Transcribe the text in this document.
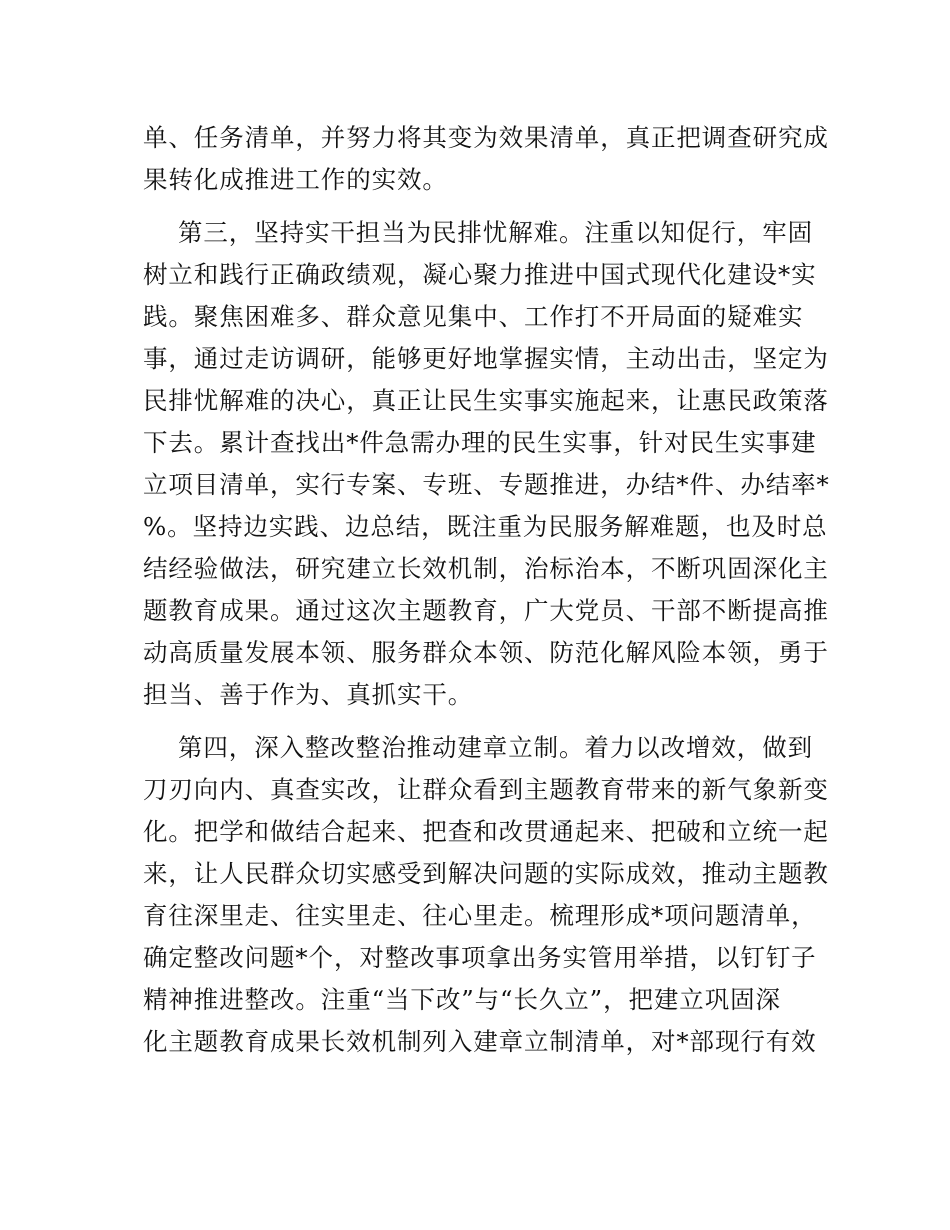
单、任务清单，并努力将其变为效果清单，真正把调查研究成
果转化成推进工作的实效。
第三，坚持实干担当为民排忧解难。注重以知促行，牢固
树立和践行正确政绩观，凝心聚力推进中国式现代化建设*实
践。聚焦困难多、群众意见集中、工作打不开局面的疑难实
事，通过走访调研，能够更好地掌握实情，主动出击，坚定为
民排忧解难的决心，真正让民生实事实施起来，让惠民政策落
下去。累计查找出*件急需办理的民生实事，针对民生实事建
立项目清单，实行专案、专班、专题推进，办结*件、办结率*
%。坚持边实践、边总结，既注重为民服务解难题，也及时总
结经验做法，研究建立长效机制，治标治本，不断巩固深化主
题教育成果。通过这次主题教育，广大党员、干部不断提高推
动高质量发展本领、服务群众本领、防范化解风险本领，勇于
担当、善于作为、真抓实干。
第四，深入整改整治推动建章立制。着力以改增效，做到
刀刃向内、真查实改，让群众看到主题教育带来的新气象新变
化。把学和做结合起来、把查和改贯通起来、把破和立统一起
来，让人民群众切实感受到解决问题的实际成效，推动主题教
育往深里走、往实里走、往心里走。梳理形成*项问题清单，
确定整改问题*个，对整改事项拿出务实管用举措，以钉钉子
精神推进整改。注重“当下改”与“长久立”，把建立巩固深
化主题教育成果长效机制列入建章立制清单，对*部现行有效
